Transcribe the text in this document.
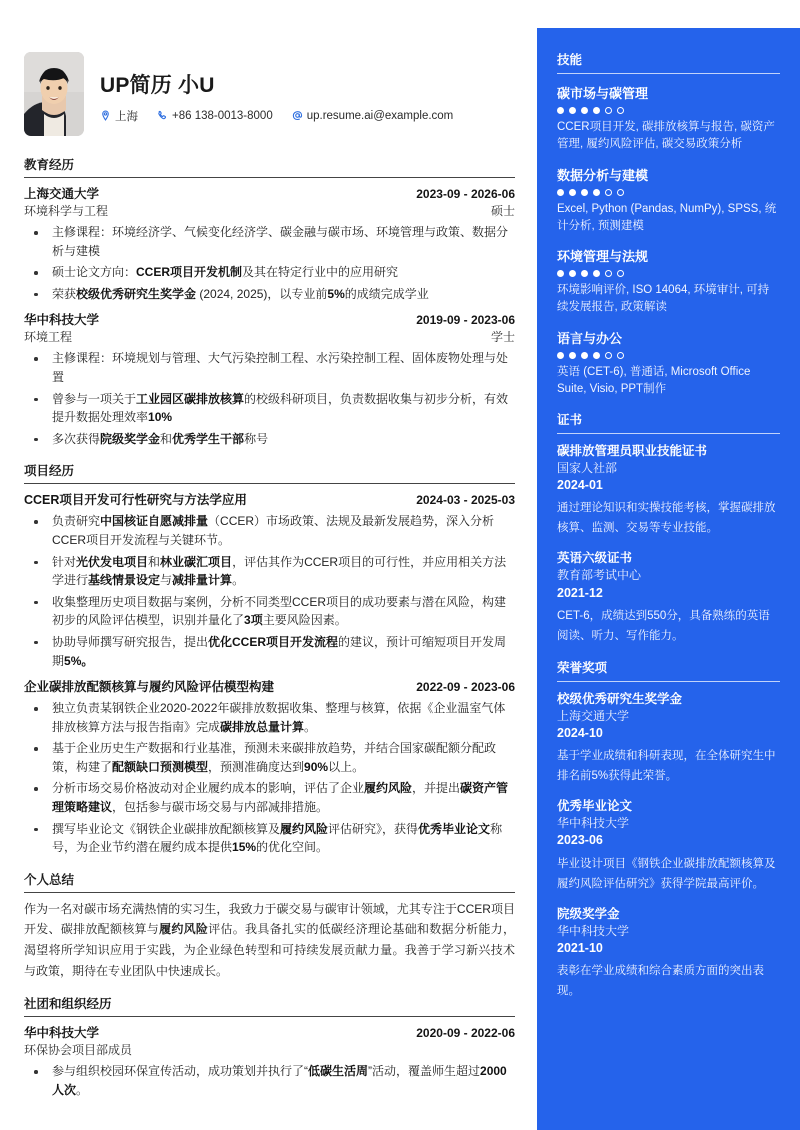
UP简历 小U
上海	+86 138-0013-8000	up.resume.ai@example.com
教育经历
上海交通大学	2023-09 - 2026-06
环境科学与工程	硕士
主修课程：环境经济学、气候变化经济学、碳金融与碳市场、环境管理与政策、数据分析与建模
硕士论文方向：CCER项目开发机制及其在特定行业中的应用研究
荣获校级优秀研究生奖学金 (2024, 2025)，以专业前5%的成绩完成学业
华中科技大学	2019-09 - 2023-06
环境工程	学士
主修课程：环境规划与管理、大气污染控制工程、水污染控制工程、固体废物处理与处置
曾参与一项关于工业园区碳排放核算的校级科研项目，负责数据收集与初步分析，有效提升数据处理效率10%
多次获得院级奖学金和优秀学生干部称号
项目经历
CCER项目开发可行性研究与方法学应用	2024-03 - 2025-03
负责研究中国核证自愿减排量（CCER）市场政策、法规及最新发展趋势，深入分析CCER项目开发流程与关键环节。
针对光伏发电项目和林业碳汇项目，评估其作为CCER项目的可行性，并应用相关方法学进行基线情景设定与减排量计算。
收集整理历史项目数据与案例，分析不同类型CCER项目的成功要素与潜在风险，构建初步的风险评估模型，识别并量化了3项主要风险因素。
协助导师撰写研究报告，提出优化CCER项目开发流程的建议，预计可缩短项目开发周期5%。
企业碳排放配额核算与履约风险评估模型构建	2022-09 - 2023-06
独立负责某钢铁企业2020-2022年碳排放数据收集、整理与核算，依据《企业温室气体排放核算方法与报告指南》完成碳排放总量计算。
基于企业历史生产数据和行业基准，预测未来碳排放趋势，并结合国家碳配额分配政策，构建了配额缺口预测模型，预测准确度达到90%以上。
分析市场交易价格波动对企业履约成本的影响，评估了企业履约风险，并提出碳资产管理策略建议，包括参与碳市场交易与内部减排措施。
撰写毕业论文《钢铁企业碳排放配额核算及履约风险评估研究》，获得优秀毕业论文称号，为企业节约潜在履约成本提供15%的优化空间。
个人总结
作为一名对碳市场充满热情的实习生，我致力于碳交易与碳审计领域，尤其专注于CCER项目开发、碳排放配额核算与履约风险评估。我具备扎实的低碳经济理论基础和数据分析能力，渴望将所学知识应用于实践，为企业绿色转型和可持续发展贡献力量。我善于学习新兴技术与政策，期待在专业团队中快速成长。
社团和组织经历
华中科技大学	2020-09 - 2022-06
环保协会项目部成员
参与组织校园环保宣传活动，成功策划并执行了“低碳生活周”活动，覆盖师生超过2000人次。
技能
碳市场与碳管理
CCER项目开发, 碳排放核算与报告, 碳资产管理, 履约风险评估, 碳交易政策分析
数据分析与建模
Excel, Python (Pandas, NumPy), SPSS, 统计分析, 预测建模
环境管理与法规
环境影响评价, ISO 14064, 环境审计, 可持续发展报告, 政策解读
语言与办公
英语 (CET-6), 普通话, Microsoft Office Suite, Visio, PPT制作
证书
碳排放管理员职业技能证书
国家人社部
2024-01
通过理论知识和实操技能考核，掌握碳排放核算、监测、交易等专业技能。
英语六级证书
教育部考试中心
2021-12
CET-6，成绩达到550分，具备熟练的英语阅读、听力、写作能力。
荣誉奖项
校级优秀研究生奖学金
上海交通大学
2024-10
基于学业成绩和科研表现，在全体研究生中排名前5%获得此荣誉。
优秀毕业论文
华中科技大学
2023-06
毕业设计项目《钢铁企业碳排放配额核算及履约风险评估研究》获得学院最高评价。
院级奖学金
华中科技大学
2021-10
表彰在学业成绩和综合素质方面的突出表现。
